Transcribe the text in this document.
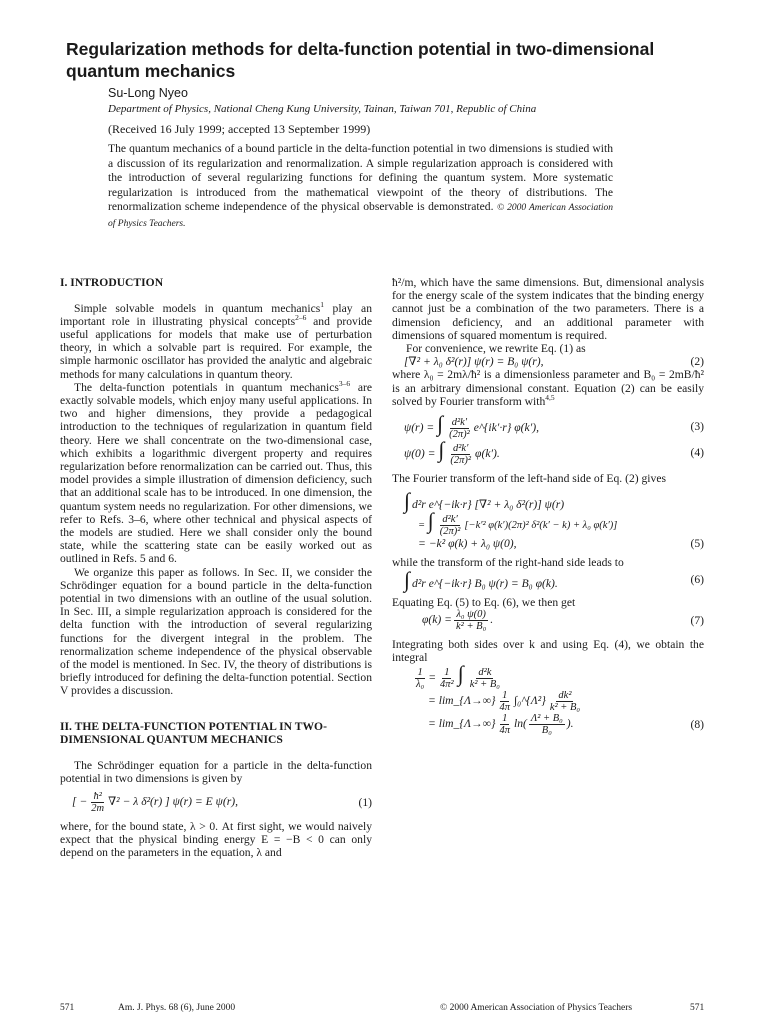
Regularization methods for delta-function potential in two-dimensional quantum mechanics
Su-Long Nyeo
Department of Physics, National Cheng Kung University, Tainan, Taiwan 701, Republic of China
(Received 16 July 1999; accepted 13 September 1999)
The quantum mechanics of a bound particle in the delta-function potential in two dimensions is studied with a discussion of its regularization and renormalization. A simple regularization approach is considered with the introduction of several regularizing functions for defining the quantum system. More systematic regularization is introduced from the mathematical viewpoint of the theory of distributions. The renormalization scheme independence of the physical observable is demonstrated. © 2000 American Association of Physics Teachers.
I. INTRODUCTION

Simple solvable models in quantum mechanics$^1$ play an important role in illustrating physical concepts$^{2-6}$ and provide useful applications for models that make use of perturbation theory, in which a solvable part is required. For example, the simple harmonic oscillator has provided the analytic and algebraic methods for many calculations in quantum theory.

The delta-function potentials in quantum mechanics$^{3-6}$ are exactly solvable models, which enjoy many useful applications. In two and higher dimensions, they provide a pedagogical introduction to the techniques of regularization in quantum field theory. Here we shall concentrate on the two-dimensional case, which exhibits a logarithmic divergent property and requires regularization before renormalization can be carried out. Thus, this model provides a simple illustration of dimension deficiency, such that an additional scale has to be introduced. In one dimension, the quantum system needs no regularization. For other dimensions, we refer to Refs. 3–6, where other technical and physical aspects of the models are studied. Here we shall consider only the bound state, while the scattering state can be easily worked out as outlined in Refs. 5 and 6.

We organize this paper as follows. In Sec. II, we consider the Schrödinger equation for a bound particle in the delta-function potential in two dimensions with an outline of the usual solution. In Sec. III, a simple regularization approach is considered for the delta function with the introduction of several regularizing functions for the divergent integral in the problem. The renormalization scheme independence of the physical observable of the model is mentioned. In Sec. IV, the theory of distributions is briefly introduced for defining the delta-function potential. Section V provides a discussion.

II. THE DELTA-FUNCTION POTENTIAL IN TWO-DIMENSIONAL QUANTUM MECHANICS

The Schrödinger equation for a particle in the delta-function potential in two dimensions is given by

[ − $\frac{\text{ħ²}}{2m} \nabla^2 - \lambda$ δ²(r) ] ψ(r) = E ψ(r),	(1)

where, for the bound state, λ > 0. At first sight, we would naively expect that the physical binding energy E = −B < 0 can only depend on the parameters in the equation, λ and

ħ²/m, which have the same dimensions. But, dimensional analysis for the energy scale of the system indicates that the binding energy cannot just be a combination of the two parameters. There is a dimension deficiency, and an additional parameter with dimensions of squared momentum is required.

For convenience, we rewrite Eq. (1) as

[∇² + λ₀ δ²(r)] ψ(r) = B₀ ψ(r),	(2)

where λ₀ = 2mλ/ħ² is a dimensionless parameter and B₀ = 2mB/ħ² is an arbitrary dimensional constant. Equation (2) can be easily solved by Fourier transform with$^{4,5}$

ψ(r) = ∫ $\frac{\text{d²k′}}{\text{(2π)²}}$ e^{ik′·r} φ(k′),	(3)
ψ(0) = ∫ $\frac{\text{d²k′}}{\text{(2π)²}} \varphi(k')$.	(4)

The Fourier transform of the left-hand side of Eq. (2) gives

∫ d²r e^{−ik·r} [∇² + λ₀ δ²(r)] ψ(r)
= ∫ $\frac{\text{d²k′}}{\text{(2π)²}} [-k'^2$ φ(k′)(2π)² δ²(k′ − k) + λ₀ φ(k′)]
= −k² φ(k) + λ₀ ψ(0),	(5)

while the transform of the right-hand side leads to

∫ d²r e^{−ik·r} B₀ ψ(r) = B₀ φ(k).	(6)

Equating Eq. (5) to Eq. (6), we then get

$\varphi(k) = \frac{\text{λ₀ ψ(0)}}{\text{k² + B₀}}$ .	(7)

Integrating both sides over k and using Eq. (4), we obtain the integral

$\frac{1}{\text{λ₀}} = \frac{1}{\text{4π²}}$ ∫ $\frac{\text{d²k}}{\text{k² + B₀}}$
= lim_{Λ→∞} $\frac{1}{4\pi}$ ∫₀^{Λ²} $\frac{\text{dk²}}{\text{k² + B₀}}$
= lim_{Λ→∞} $\frac{1}{4\pi} \ln( \frac{\text{Λ² + B₀}}{\text{B₀}}$ ).	(8)
571	Am. J. Phys. 68 (6), June 2000	© 2000 American Association of Physics Teachers	571
